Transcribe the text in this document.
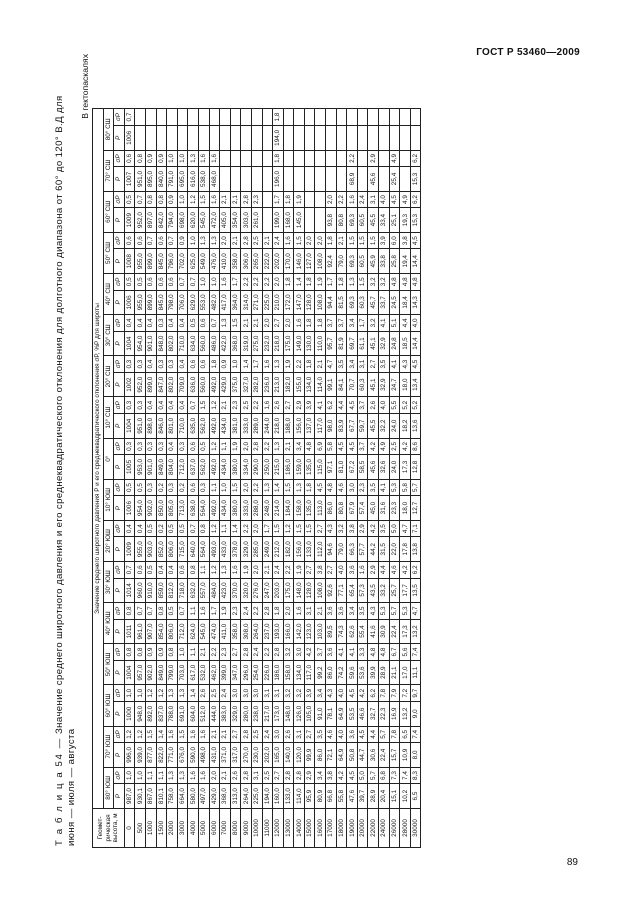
ГОСТ Р 53460—2009
Т а б л и ц а 54 — Значение среднего широтного давления и его среднеквадратического отклонения для долготного диапазона от 60° до 120° В.Д для
июня — июля — августа
В гектопаскалях
Геомет-рическая высота, м	Значение среднего широтного давления P и его среднеквадратического отклонения σP, %P для широты																																	
	80° ЮШ		70° ЮШ		60° ЮШ		50° ЮШ		40° ЮШ		30° ЮШ		20° ЮШ		10° ЮШ		0°		10° СШ		20° СШ		30° СШ		40° СШ		50° СШ		60° СШ		70° СШ		80° СШ	
	P	σP	P	σP	P	σP	P	σP	P	σP	P	σP	P	σP	P	σP	P	σP	P	σP	P	σP	P	σP	P	σP	P	σP	P	σP	P	σP	P	σP
0	987,0	1,0	996,0	1,2	1000	1,0	1004	0,8	1011	0,8	1014	0,7	1009	0,4	1006	0,5	1005	0,3	1004	0,3	1002	0,3	1004	0,4	1006	0,5	1008	0,6	1009	0,5	1007	0,6	1006	0,7
500	930,1	1,0	939,0	1,2	948,0	1,0	957,0	0,8	961,0	0,7	960,0	0,6	955,0	0,4	954,0	0,5	953,0	0,3	951,0	0,3	952,0	0,3	954,0	0,4	955,0	0,5	955,0	0,6	952,0	0,7	951,0	0,8		
1000	867,0	1,1	877,0	1,5	892,0	1,2	902,0	0,9	907,0	0,7	910,0	0,5	903,0	0,5	902,0	0,3	901,0	0,3	898,0	0,4	899,0	0,4	901,0	0,4	899,0	0,6	899,0	0,7	897,0	0,8	895,0	0,9		
1500	810,1	1,1	822,0	1,4	837,0	1,2	849,0	0,9	854,0	0,8	859,0	0,4	852,0	0,2	850,0	0,2	849,0	0,3	846,0	0,4	847,0	0,3	848,0	0,3	845,0	0,6	845,0	0,6	842,0	0,8	840,0	0,9		
2000	758,0	1,3	771,0	1,6	788,0	1,3	799,0	0,8	806,0	0,5	812,0	0,4	806,0	0,5	805,0	0,3	804,0	0,4	801,0	0,4	802,0	0,3	802,0	0,4	798,0	0,6	796,0	0,7	794,0	0,9	791,0	1,0		
3000	664,0	1,3	676,0	1,5	691,0	1,3	703,0	1,0	712,0	0,7	718,0	0,6	715,0	0,5	713,0	0,2	712,0	0,3	710,0	0,4	709,0	0,4	710,0	0,4	706,0	0,7	702,0	0,9	698,0	1,0	695,0	1,0		
4000	580,0	1,6	590,0	1,6	604,0	1,4	617,0	1,1	624,0	1,1	632,0	0,8	640,0	0,7	638,0	0,6	637,0	0,6	635,0	0,7	636,0	0,6	634,0	0,5	629,0	0,7	625,0	1,0	620,0	1,2	616,0	1,3		
5000	497,0	1,6	498,0	1,6	512,0	2,6	532,0	2,1	545,0	1,6	557,0	1,1	564,0	0,8	564,0	0,3	562,0	0,5	562,0	1,5	560,0	0,6	560,0	0,6	553,0	1,0	549,0	1,3	545,0	1,5	538,0	1,6		
6000	429,0	2,0	431,0	2,1	444,0	2,5	462,0	2,2	474,0	1,7	484,0	1,2	493,0	1,2	492,0	1,1	492,0	1,2	492,0	1,2	492,0	1,8	486,0	0,7	482,0	1,0	476,0	1,3	472,0	1,6	468,0	1,6		
7000	368,0	2,1	371,0	2,1	383,0	2,4	399,0	2,3	411,0	1,9	423,0	1,3	433,0	1,1	434,0	1,0	434,0	1,1	434,0	2,1	429,0	0,9	422,0	1,3	417,0	1,6	410,0	2,0	405,0	2,1				
8000	313,0	2,6	317,0	2,7	329,0	3,0	347,0	2,7	358,0	2,3	370,0	1,6	378,0	1,4	380,0	1,5	380,0	1,9	381,0	2,3	375,0	1,0	368,0	1,5	364,0	1,7	358,0	2,1	354,0	2,1				
9000	264,0	2,8	270,0	2,8	280,0	3,0	296,0	2,8	308,0	2,4	320,0	1,9	329,0	2,2	333,0	2,0	334,0	2,0	333,0	2,5	327,0	1,4	319,0	2,1	314,0	2,2	306,0	2,8	303,0	2,8				
10000	225,0	3,1	230,0	2,5	238,0	3,0	254,0	2,4	264,0	2,2	276,0	2,0	285,0	2,0	288,0	2,2	290,0	2,8	289,0	2,2	282,0	1,7	275,0	2,1	271,0	2,2	265,0	2,5	261,0	2,3				
11000	194,0	2,5	202,0	2,4	217,0	3,1	226,0	2,2	237,0	2,8	247,0	2,1	249,0	1,7	248,0	1,3	250,0	2,2	244,0	1,6	236,0	1,6	232,0	2,0	225,0	2,2	222,0	2,1						
12000	160,0	2,7	165,0	3,0	173,0	3,1	186,0	2,8	193,0	1,8	203,0	2,4	212,0	1,5	214,0	1,4	215,0	1,3	218,0	2,6	213,0	1,3	218,0	2,7	210,0	2,0	202,0	2,4	199,0	1,7	196,0	1,8	194,0	1,8
13000	133,0	2,8	140,0	2,6	148,0	3,2	158,0	3,2	166,0	2,0	175,0	2,2	182,0	1,2	184,0	1,5	186,0	2,1	188,0	2,7	182,0	1,9	175,0	2,0	172,0	1,8	170,0	1,6	168,0	1,8				
14000	114,0	2,8	120,0	3,1	126,0	3,2	134,0	3,0	142,0	1,6	148,0	1,9	156,0	1,5	158,0	1,3	159,0	3,4	156,0	2,9	155,0	2,2	149,0	1,6	147,0	1,4	146,0	1,5	145,0	1,9				
15000	95,9	2,9	99,9	2,7	105,0	3,9	117,0	4,2	123,0	3,1	128,0	2,7	133,0	1,5	135,0	1,8	135,0	4,8	137,0	3,9	134,0	1,8	130,0	1,8	128,0	1,8	127,0	2,0						
16000	80,9	3,4	86,0	3,5	91,0	3,4	99,2	3,7	103,0	2,1	108,0	3,8	112,0	2,7	113,0	4,5	115,0	6,9	117,0	4,1	114,0	2,1	110,0	1,8	108,0	1,9	108,0	2,0						
17000	66,8	3,8	72,1	4,6	78,1	4,3	86,0	3,6	89,5	3,6	92,6	2,7	94,6	4,3	86,0	4,8	97,1	5,8	98,0	6,2	99,1	4,7	95,7	3,7	94,4	1,7	92,4	1,8	93,8	2,0				
18000	55,8	4,2	64,9	4,0	64,9	4,0	74,2	4,1	74,3	3,6	77,1	4,0	79,0	3,2	80,8	4,6	81,0	4,5	83,9	4,4	84,1	3,5	81,9	3,7	81,5	1,8	79,0	2,1	80,8	2,2				
19000	47,6	4,5	50,8	3,6	53,5	4,5	59,6	4,1	62,6	3,4	65,4	3,6	66,3	3,8	67,9	3,0	67,2	4,5	67,7	4,5	70,7	3,4	69,7	3,4	69,3	1,3	69,3	1,5	69,3	1,6	68,9	2,2		
20000	39,7	5,0	44,7	4,5	46,6	4,2	53,6	3,3	55,4	3,5	57,3	1,6	57,7	2,9	57,4	2,3	58,5	3,7	59,7	3,7	60,3	3,1	61,1	1,7	60,3	1,5	60,5	1,5	60,5	2,4				
22000	28,9	5,7	30,6	4,4	32,7	6,2	39,9	4,8	41,6	4,3	43,5	2,9	44,2	4,2	45,0	3,5	45,6	4,2	45,5	2,6	45,1	2,7	45,1	3,2	45,7	3,2	45,9	1,5	45,5	3,1	45,6	2,9		
24000	20,4	6,8	22,4	5,7	22,3	7,8	28,9	4,8	30,9	5,3	33,2	4,4	31,5	3,5	31,6	4,1	32,6	4,9	32,2	4,0	32,9	3,5	32,9	4,1	33,7	3,2	33,8	3,9	33,4	4,0				
26000	15,1	7,3	15,7	7,8	16,9	7,9	21,1	6,7	22,4	5,7	25,7	4,6	22,0	5,0	23,3	5,3	24,0	2,5	24,0	5,5	24,7	4,1	24,8	5,1	24,5	4,8	25,8	6,0	25,1	4,5	25,4	4,9		
28000	10,2	7,4	10,9	6,5	13,2	7,2	17,0	5,6	17,3	5,3	17,7	4,2	17,8	4,7	18,0	5,8	17,3	4,2	18,2	5,2	18,0	4,3	18,5	4,4	18,4	4,8	19,4	3,8	19,3	4,9				
30000	6,5	8,3	8,0	7,4	9,0	9,7	11,1	7,4	13,2	4,7	13,5	6,2	13,8	7,1	12,7	5,7	12,8	8,6	13,6	5,2	13,4	4,5	14,4	4,0	14,3	4,8	14,4	4,5	15,3	6,2	15,3	6,2		
89
